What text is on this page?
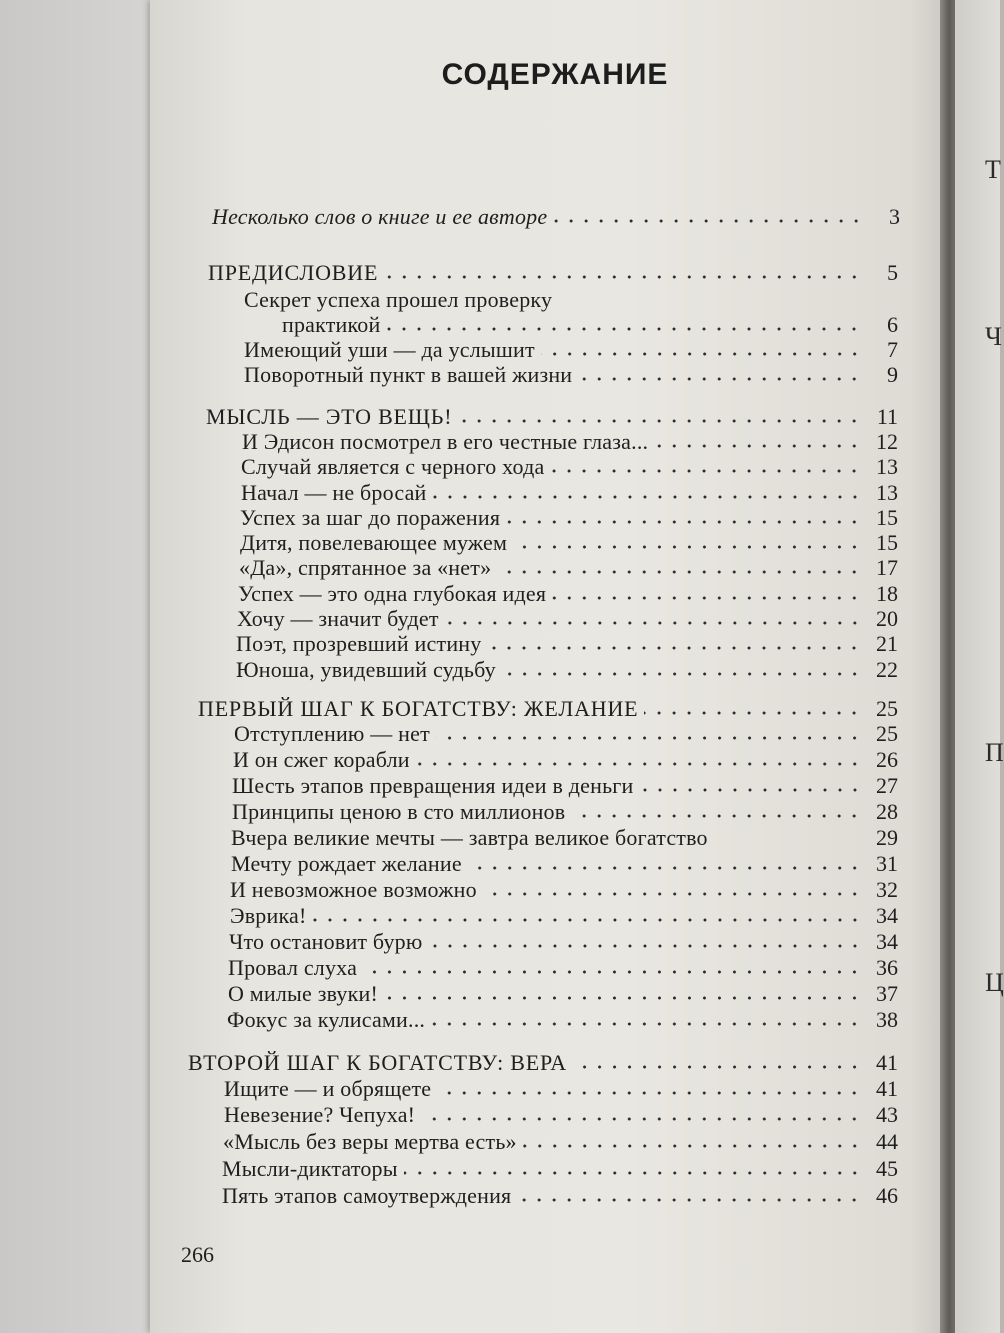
Т
Ч
П
Ц
СОДЕРЖАНИЕ
Несколько слов о книге и ее авторе	3
ПРЕДИСЛОВИЕ	5
Секрет успеха прошел проверку
практикой	6
Имеющий уши — да услышит	7
Поворотный пункт в вашей жизни	9
МЫСЛЬ — ЭТО ВЕЩЬ!	11
И Эдисон посмотрел в его честные глаза...	12
Случай является с черного хода	13
Начал — не бросай	13
Успех за шаг до поражения	15
Дитя, повелевающее мужем	15
«Да», спрятанное за «нет»	17
Успех — это одна глубокая идея	18
Хочу — значит будет	20
Поэт, прозревший истину	21
Юноша, увидевший судьбу	22
ПЕРВЫЙ ШАГ К БОГАТСТВУ: ЖЕЛАНИЕ	25
Отступлению — нет	25
И он сжег корабли	26
Шесть этапов превращения идеи в деньги	27
Принципы ценою в сто миллионов	28
Вчера великие мечты — завтра великое богатство	29
Мечту рождает желание	31
И невозможное возможно	32
Эврика!	34
Что остановит бурю	34
Провал слуха	36
О милые звуки!	37
Фокус за кулисами...	38
ВТОРОЙ ШАГ К БОГАТСТВУ: ВЕРА	41
Ищите — и обрящете	41
Невезение? Чепуха!	43
«Мысль без веры мертва есть»	44
Мысли-диктаторы	45
Пять этапов самоутверждения	46
266
